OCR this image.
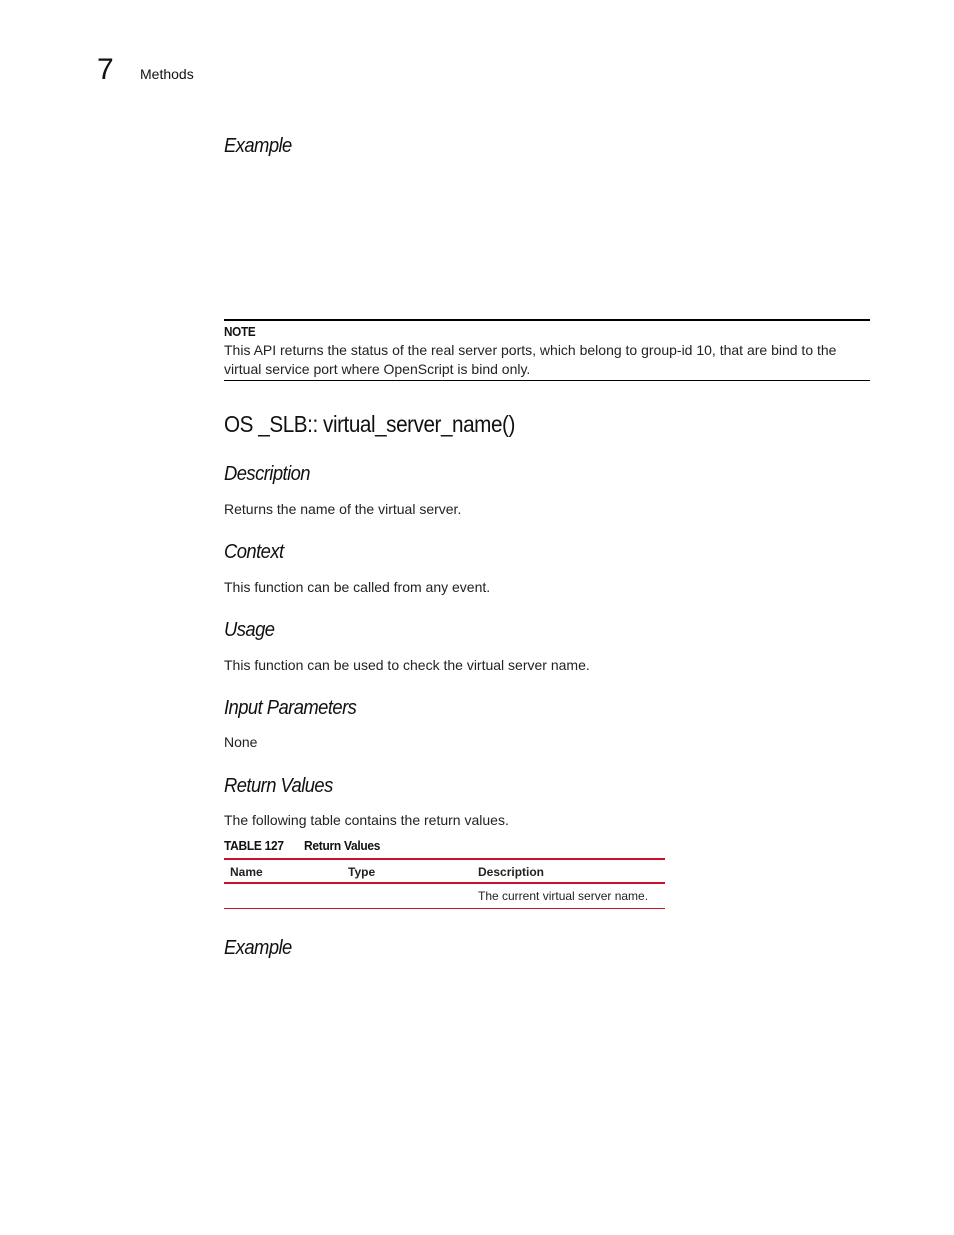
7 Methods
Example
NOTE
This API returns the status of the real server ports, which belong to group-id 10, that are bind to the virtual service port where OpenScript is bind only.
OS _SLB:: virtual_server_name()
Description
Returns the name of the virtual server.
Context
This function can be called from any event.
Usage
This function can be used to check the virtual server name.
Input Parameters
None
Return Values
The following table contains the return values.
TABLE 127 Return Values
Name	Type	Description
		The current virtual server name.
Example
